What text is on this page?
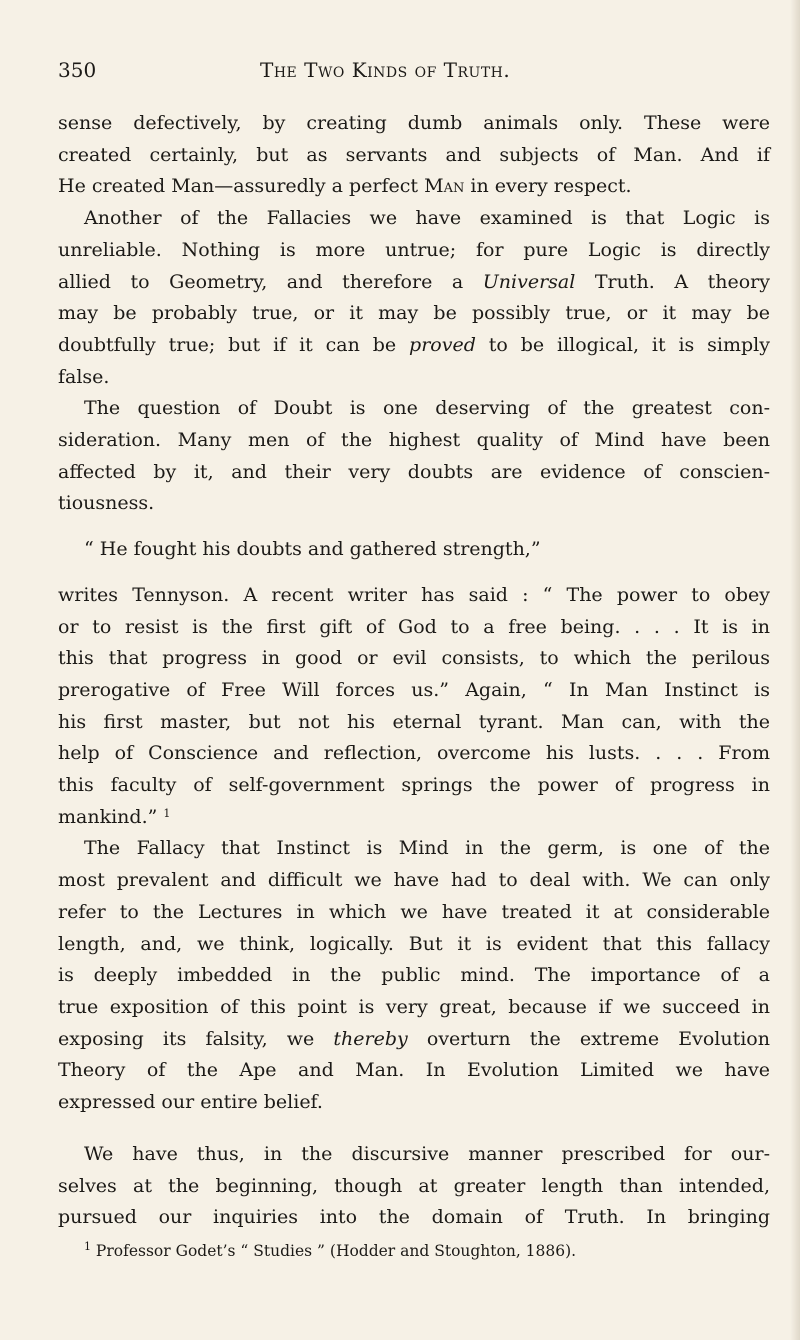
350	The Two Kinds of Truth.
sense defectively, by creating dumb animals only. These were
created certainly, but as servants and subjects of Man. And if
He created Man—assuredly a perfect Man in every respect.
Another of the Fallacies we have examined is that Logic is
unreliable. Nothing is more untrue; for pure Logic is directly
allied to Geometry, and therefore a Universal Truth. A theory
may be probably true, or it may be possibly true, or it may be
doubtfully true; but if it can be proved to be illogical, it is simply
false.
The question of Doubt is one deserving of the greatest con-
sideration. Many men of the highest quality of Mind have been
affected by it, and their very doubts are evidence of conscien-
tiousness.
“ He fought his doubts and gathered strength,”
writes Tennyson. A recent writer has said : “ The power to obey
or to resist is the first gift of God to a free being. . . . It is in
this that progress in good or evil consists, to which the perilous
prerogative of Free Will forces us.” Again, “ In Man Instinct is
his first master, but not his eternal tyrant. Man can, with the
help of Conscience and reflection, overcome his lusts. . . . From
this faculty of self-government springs the power of progress in
mankind.” $^1$
The Fallacy that Instinct is Mind in the germ, is one of the
most prevalent and difficult we have had to deal with. We can only
refer to the Lectures in which we have treated it at considerable
length, and, we think, logically. But it is evident that this fallacy
is deeply imbedded in the public mind. The importance of a
true exposition of this point is very great, because if we succeed in
exposing its falsity, we thereby overturn the extreme Evolution
Theory of the Ape and Man. In Evolution Limited we have
expressed our entire belief.
We have thus, in the discursive manner prescribed for our-
selves at the beginning, though at greater length than intended,
pursued our inquiries into the domain of Truth. In bringing
$^1$ Professor Godet’s “ Studies ” (Hodder and Stoughton, 1886).
